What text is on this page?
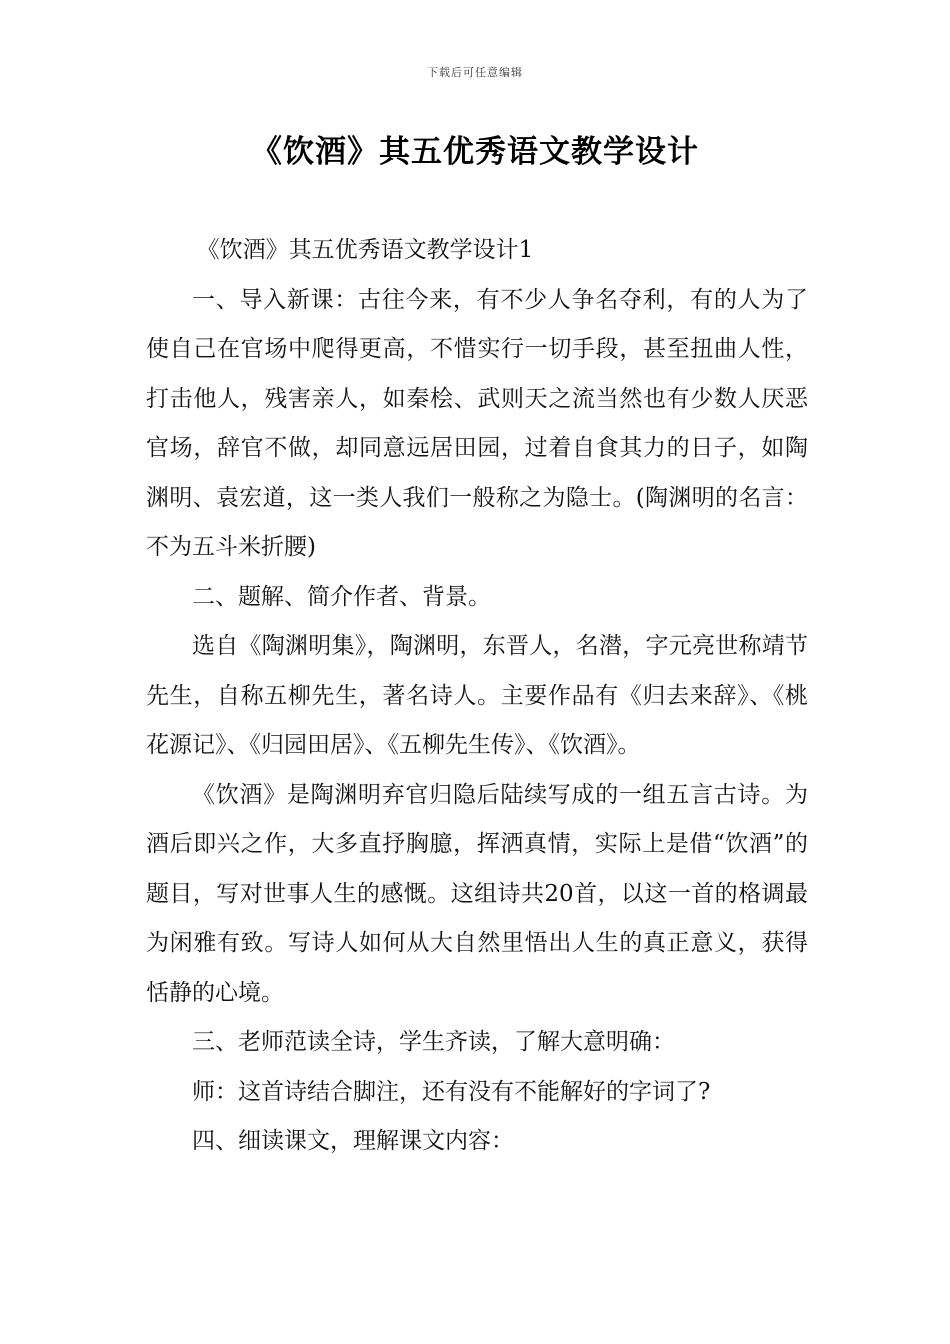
下载后可任意编辑
《饮酒》其五优秀语文教学设计

《饮酒》其五优秀语文教学设计1

一、导入新课：古往今来，有不少人争名夺利，有的人为了使自己在官场中爬得更高，不惜实行一切手段，甚至扭曲人性，打击他人，残害亲人，如秦桧、武则天之流当然也有少数人厌恶官场，辞官不做，却同意远居田园，过着自食其力的日子，如陶渊明、袁宏道，这一类人我们一般称之为隐士。(陶渊明的名言：不为五斗米折腰)

二、题解、简介作者、背景。

选自《陶渊明集》，陶渊明，东晋人，名潜，字元亮世称靖节先生，自称五柳先生，著名诗人。主要作品有《归去来辞》、《桃花源记》、《归园田居》、《五柳先生传》、《饮酒》。

《饮酒》是陶渊明弃官归隐后陆续写成的一组五言古诗。为酒后即兴之作，大多直抒胸臆，挥洒真情，实际上是借“饮酒”的题目，写对世事人生的感慨。这组诗共20首，以这一首的格调最为闲雅有致。写诗人如何从大自然里悟出人生的真正意义，获得恬静的心境。

三、老师范读全诗，学生齐读，了解大意明确：

师：这首诗结合脚注，还有没有不能解好的字词了?

四、细读课文，理解课文内容：
